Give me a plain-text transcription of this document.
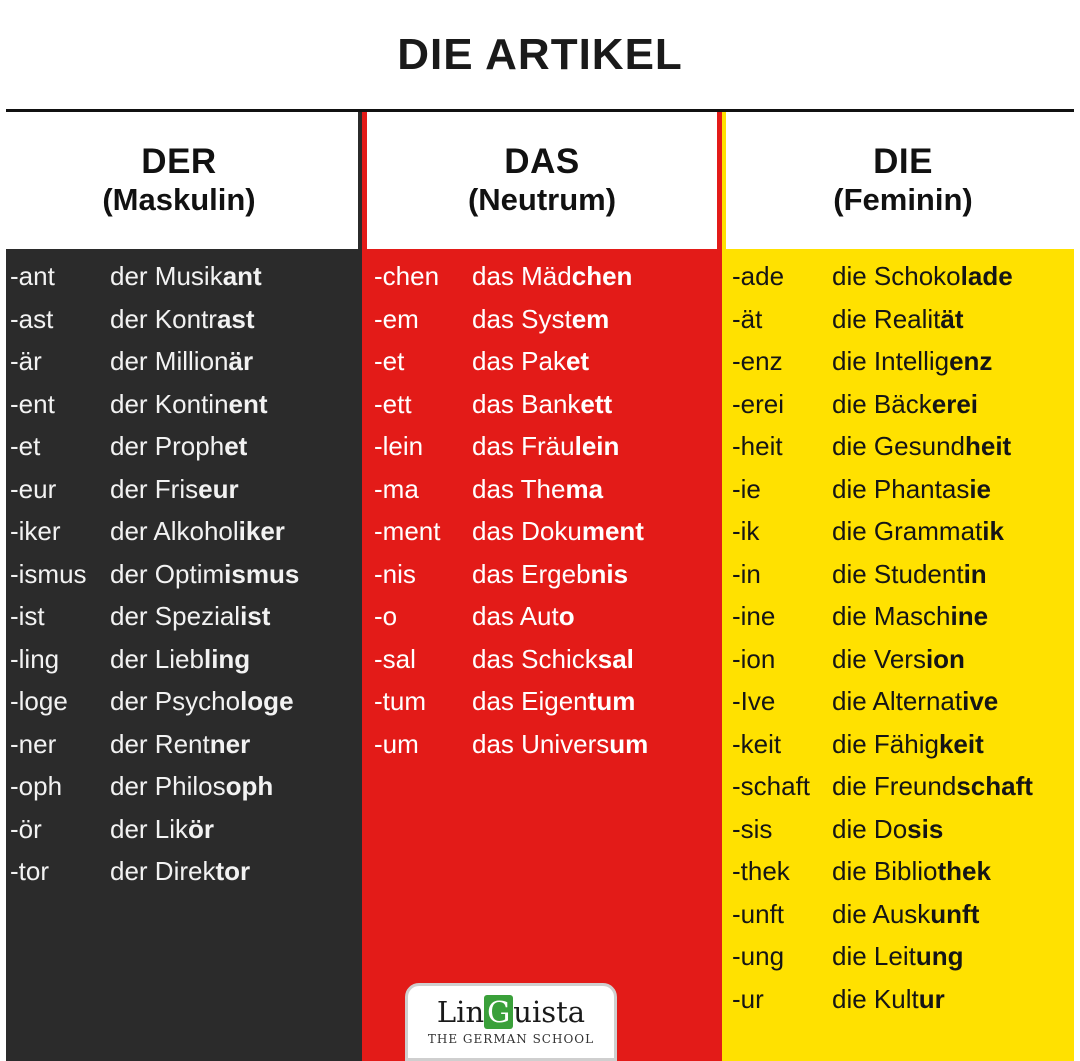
DIE ARTIKEL
DER
(Maskulin)
-ant	der Musikant
-ast	der Kontrast
-är	der Millionär
-ent	der Kontinent
-et	der Prophet
-eur	der Friseur
-iker	der Alkoholiker
-ismus der Optimismus
-ist	der Spezialist
-ling	der Liebling
-loge	der Psychologe
-ner	der Rentner
-oph	der Philosoph
-ör	der Likör
-tor	der Direktor
DAS
(Neutrum)
-chen	das Mädchen
-em	das System
-et	das Paket
-ett	das Bankett
-lein	das Fräulein
-ma	das Thema
-ment	das Dokument
-nis	das Ergebnis
-o	das Auto
-sal	das Schicksal
-tum	das Eigentum
-um	das Universum
DIE
(Feminin)
-ade	die Schokolade
-ät	die Realität
-enz	die Intelligenz
-erei	die Bäckerei
-heit	die Gesundheit
-ie	die Phantasie
-ik	die Grammatik
-in	die Studentin
-ine	die Maschine
-ion	die Version
-Ive	die Alternative
-keit	die Fähigkeit
-schaft die Freundschaft
-sis	die Dosis
-thek	die Bibliothek
-unft	die Auskunft
-ung	die Leitung
-ur	die Kultur
Lin G uista
THE GERMAN SCHOOL
